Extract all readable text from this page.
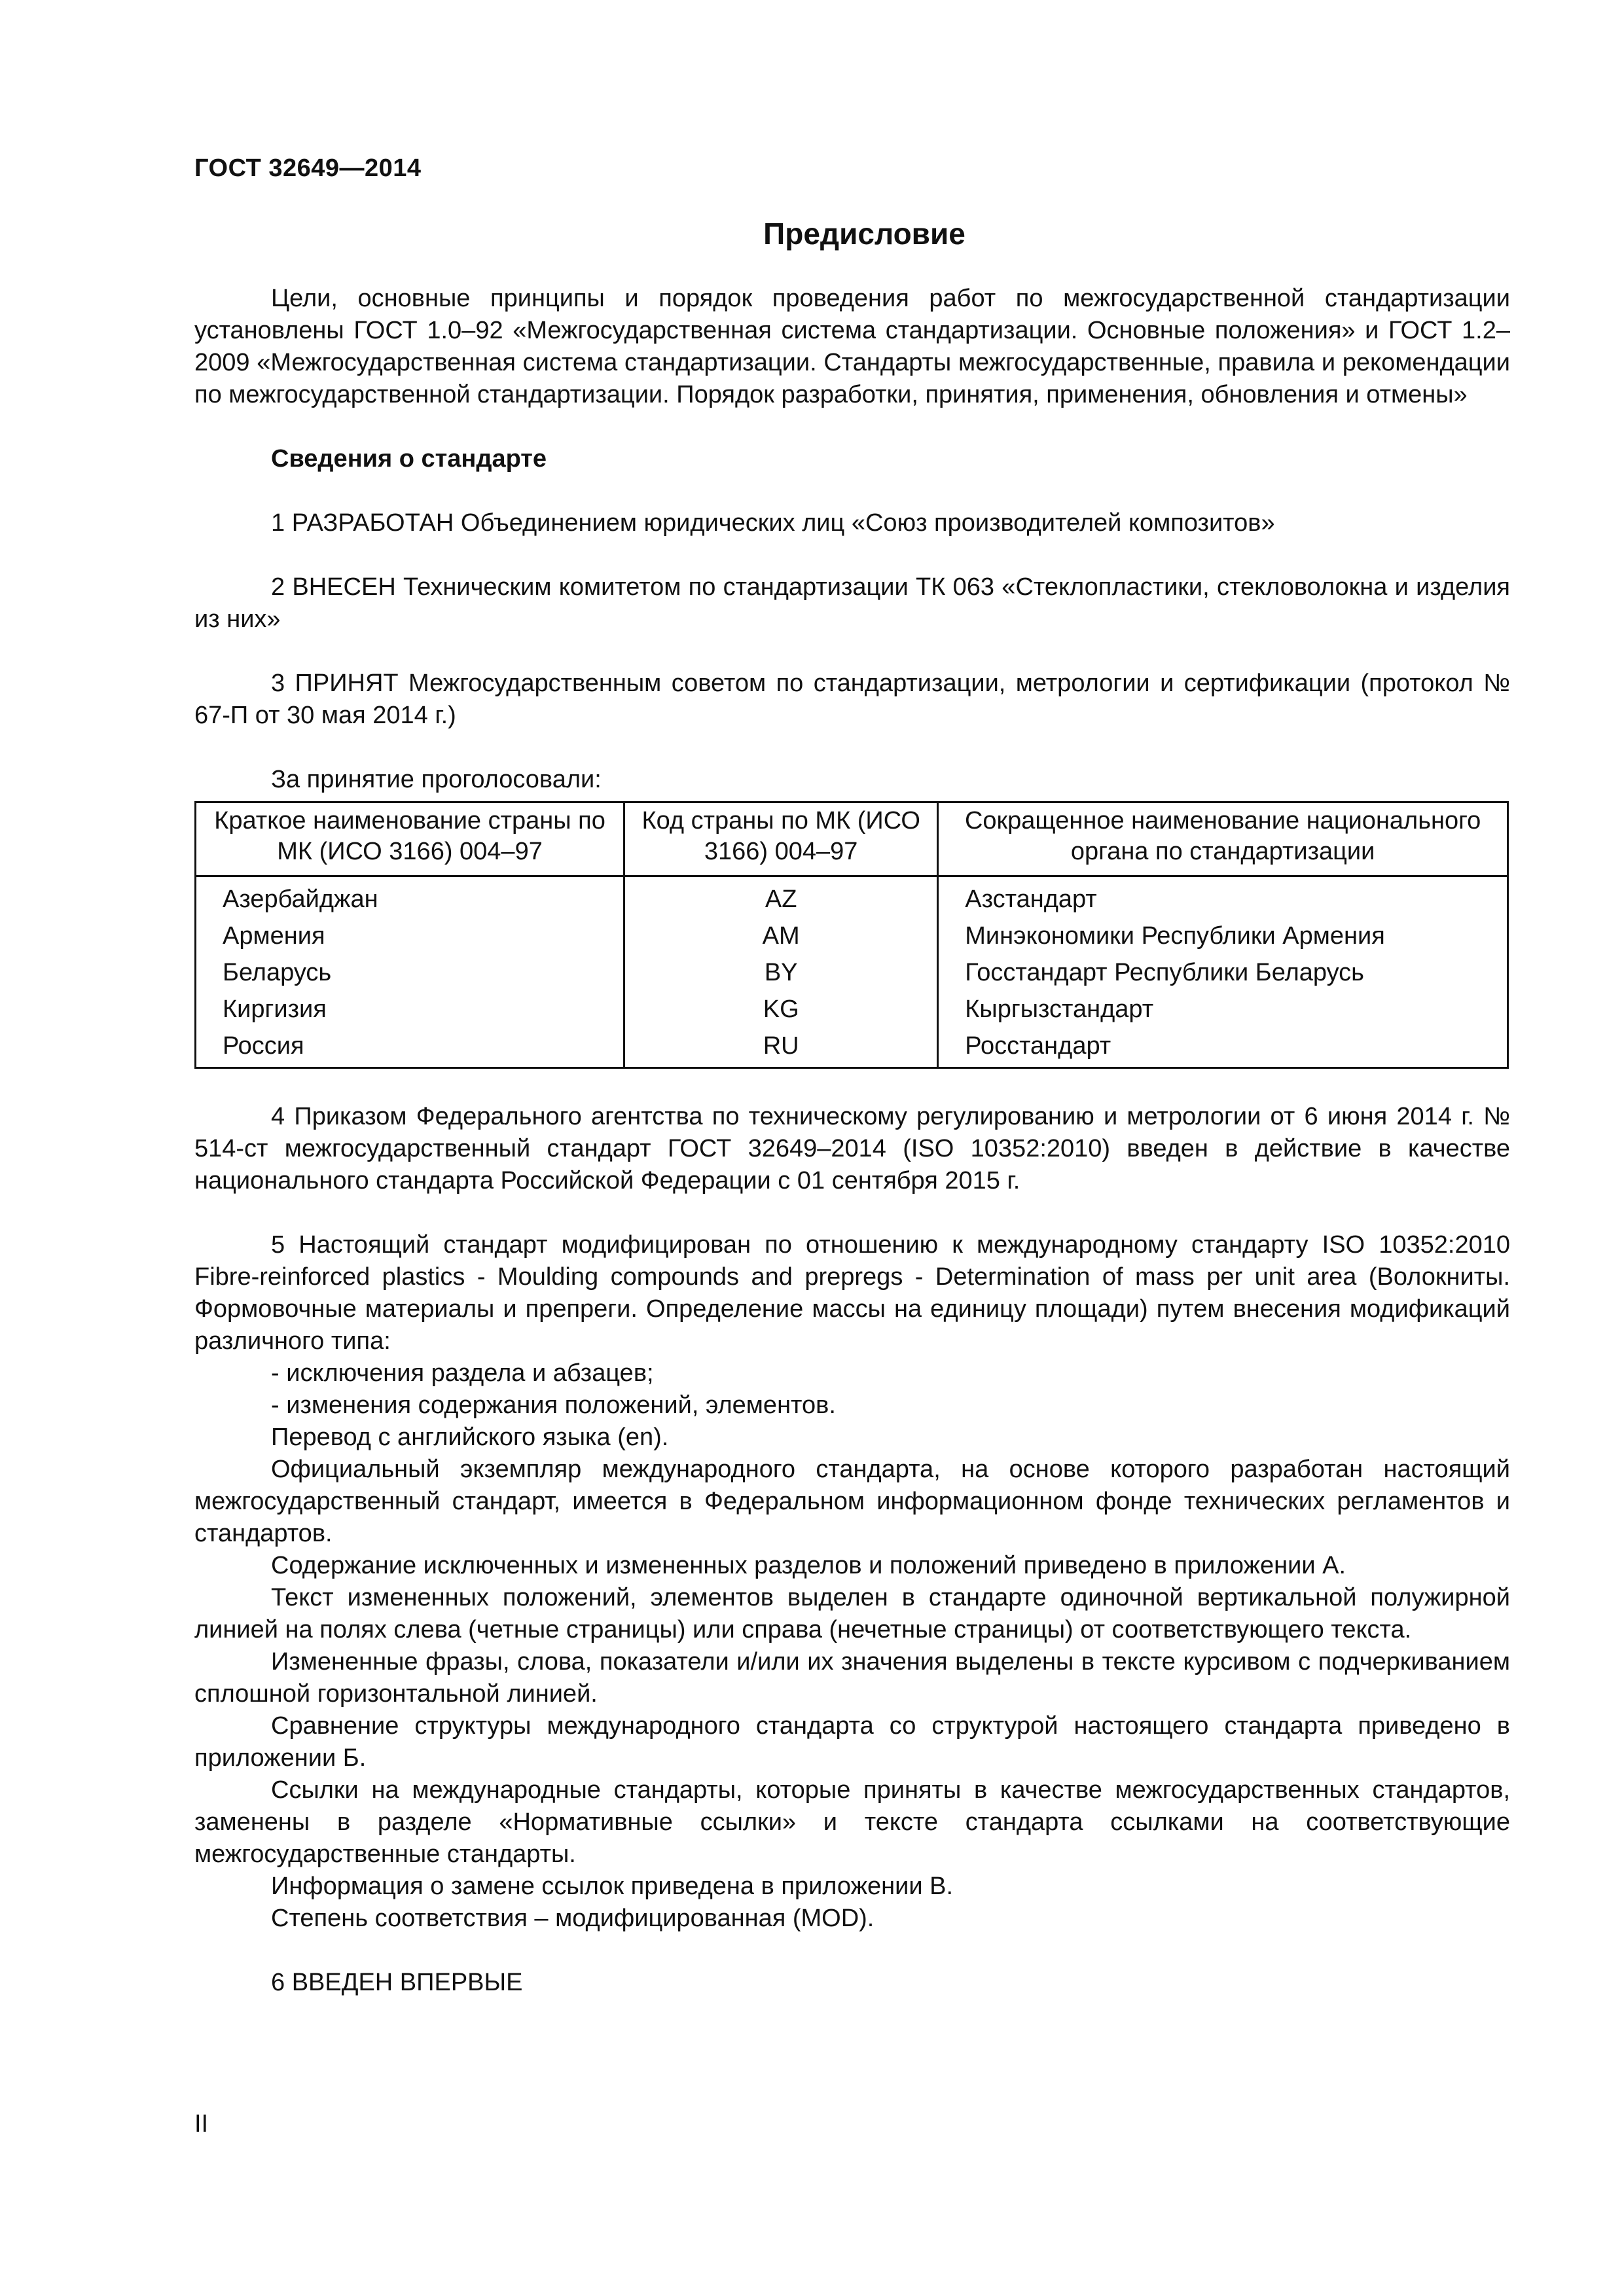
ГОСТ 32649—2014
Предисловие

Цели, основные принципы и порядок проведения работ по межгосударственной стандартизации установлены ГОСТ 1.0–92 «Межгосударственная система стандартизации. Основные положения» и ГОСТ 1.2–2009 «Межгосударственная система стандартизации. Стандарты межгосударственные, правила и рекомендации по межгосударственной стандартизации. Порядок разработки, принятия, применения, обновления и отмены»

Сведения о стандарте

1 РАЗРАБОТАН Объединением юридических лиц «Союз производителей композитов»

2 ВНЕСЕН Техническим комитетом по стандартизации ТК 063 «Стеклопластики, стекловолокна и изделия из них»

3 ПРИНЯТ Межгосударственным советом по стандартизации, метрологии и сертификации (протокол № 67-П от 30 мая 2014 г.)

За принятие проголосовали:

Краткое наименование страны по МК (ИСО 3166) 004–97	Код страны по МК (ИСО 3166) 004–97	Сокращенное наименование национального органа по стандартизации
Азербайджан	AZ	Азстандарт
Армения	AM	Минэкономики Республики Армения
Беларусь	BY	Госстандарт Республики Беларусь
Киргизия	KG	Кыргызстандарт
Россия	RU	Росстандарт

4 Приказом Федерального агентства по техническому регулированию и метрологии от 6 июня 2014 г. № 514-ст межгосударственный стандарт ГОСТ 32649–2014 (ISO 10352:2010) введен в действие в качестве национального стандарта Российской Федерации с 01 сентября 2015 г.

5 Настоящий стандарт модифицирован по отношению к международному стандарту ISO 10352:2010 Fibre-reinforced plastics - Moulding compounds and prepregs - Determination of mass per unit area (Волокниты. Формовочные материалы и препреги. Определение массы на единицу площади) путем внесения модификаций различного типа:

- исключения раздела и абзацев;

- изменения содержания положений, элементов.

Перевод с английского языка (en).

Официальный экземпляр международного стандарта, на основе которого разработан настоящий межгосударственный стандарт, имеется в Федеральном информационном фонде технических регламентов и стандартов.

Содержание исключенных и измененных разделов и положений приведено в приложении А.

Текст измененных положений, элементов выделен в стандарте одиночной вертикальной полужирной линией на полях слева (четные страницы) или справа (нечетные страницы) от соответствующего текста.

Измененные фразы, слова, показатели и/или их значения выделены в тексте курсивом с подчеркиванием сплошной горизонтальной линией.

Сравнение структуры международного стандарта со структурой настоящего стандарта приведено в приложении Б.

Ссылки на международные стандарты, которые приняты в качестве межгосударственных стандартов, заменены в разделе «Нормативные ссылки» и тексте стандарта ссылками на соответствующие межгосударственные стандарты.

Информация о замене ссылок приведена в приложении В.

Степень соответствия – модифицированная (MOD).

6 ВВЕДЕН ВПЕРВЫЕ

II
